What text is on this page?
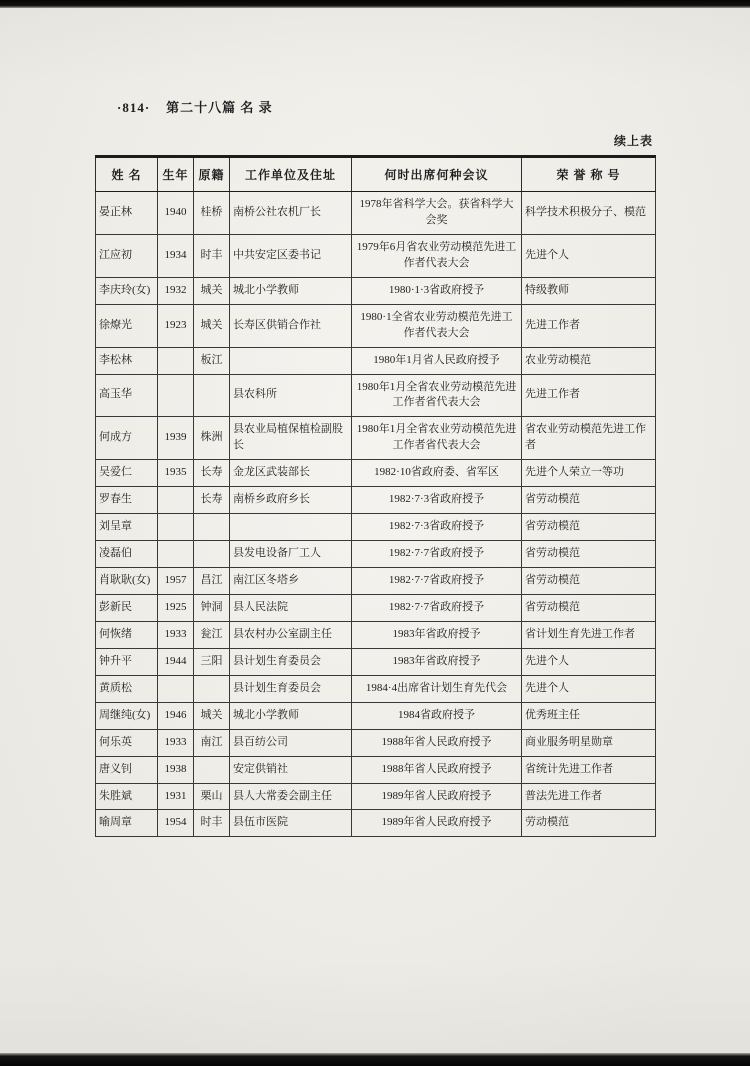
·814· 第二十八篇 名 录
续上表
姓 名	生年	原籍	工作单位及住址	何时出席何种会议	荣 誉 称 号
晏正林	1940	桂桥	南桥公社农机厂长	1978年省科学大会。获省科学大会奖	科学技术积极分子、模范
江应初	1934	时丰	中共安定区委书记	1979年6月省农业劳动模范先进工作者代表大会	先进个人
李庆玲(女)	1932	城关	城北小学教师	1980·1·3省政府授予	特级教师
徐燎光	1923	城关	长寿区供销合作社	1980·1全省农业劳动模范先进工作者代表大会	先进工作者
李松林		板江		1980年1月省人民政府授予	农业劳动模范
高玉华			县农科所	1980年1月全省农业劳动模范先进工作者省代表大会	先进工作者
何成方	1939	株洲	县农业局植保植检副股长	1980年1月全省农业劳动模范先进工作者省代表大会	省农业劳动模范先进工作者
吴爱仁	1935	长寿	金龙区武装部长	1982·10省政府委、省军区	先进个人荣立一等功
罗春生		长寿	南桥乡政府乡长	1982·7·3省政府授予	省劳动模范
刘呈章				1982·7·3省政府授予	省劳动模范
凌磊伯			县发电设备厂工人	1982·7·7省政府授予	省劳动模范
肖耿耿(女)	1957	昌江	南江区冬塔乡	1982·7·7省政府授予	省劳动模范
彭新民	1925	钟洞	县人民法院	1982·7·7省政府授予	省劳动模范
何恢绪	1933	瓮江	县农村办公室副主任	1983年省政府授予	省计划生育先进工作者
钟升平	1944	三阳	县计划生育委员会	1983年省政府授予	先进个人
黄质松			县计划生育委员会	1984·4出席省计划生育先代会	先进个人
周继纯(女)	1946	城关	城北小学教师	1984省政府授予	优秀班主任
何乐英	1933	南江	县百纺公司	1988年省人民政府授予	商业服务明星勋章
唐义钊	1938		安定供销社	1988年省人民政府授予	省统计先进工作者
朱胜斌	1931	栗山	县人大常委会副主任	1989年省人民政府授予	普法先进工作者
喻周章	1954	时丰	县伍市医院	1989年省人民政府授予	劳动模范
